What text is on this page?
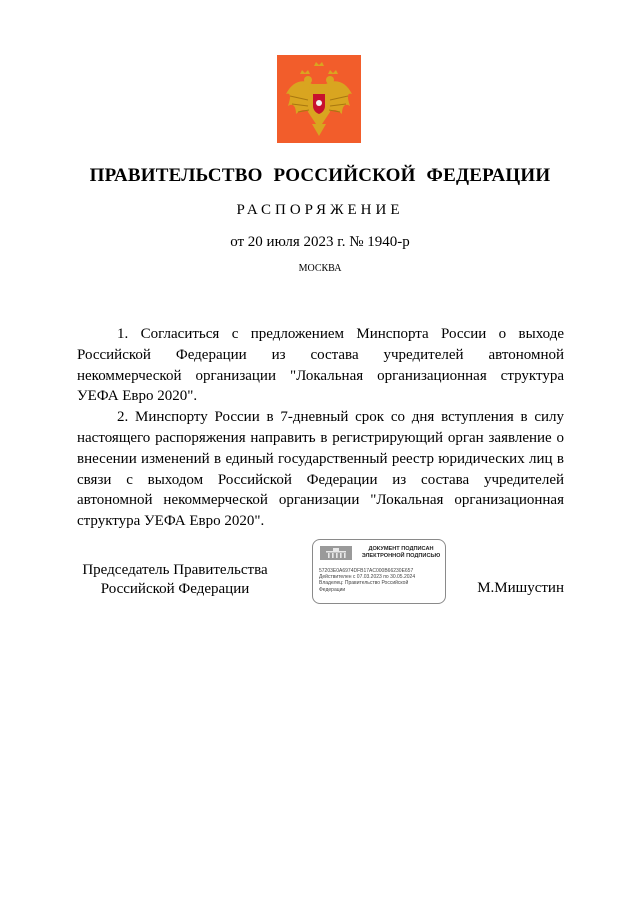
ПРАВИТЕЛЬСТВО РОССИЙСКОЙ ФЕДЕРАЦИИ
РАСПОРЯЖЕНИЕ
от 20 июля 2023 г. № 1940-р
МОСКВА

1. Согласиться с предложением Минспорта России о выходе Российской Федерации из состава учредителей автономной некоммерческой организации "Локальная организационная структура УЕФА Евро 2020".

2. Минспорту России в 7-дневный срок со дня вступления в силу настоящего распоряжения направить в регистрирующий орган заявление о внесении изменений в единый государственный реестр юридических лиц в связи с выходом Российской Федерации из состава учредителей автономной некоммерческой организации "Локальная организационная структура УЕФА Евро 2020".

Председатель Правительства
Российской Федерации
ДОКУМЕНТ ПОДПИСАН
ЭЛЕКТРОННОЙ ПОДПИСЬЮ
57203E0A6974DFB17AC000B66230E657
Действителен с 07.03.2023 по 30.05.2024
Владелец: Правительство Российской
Федерации	М.Мишустин
